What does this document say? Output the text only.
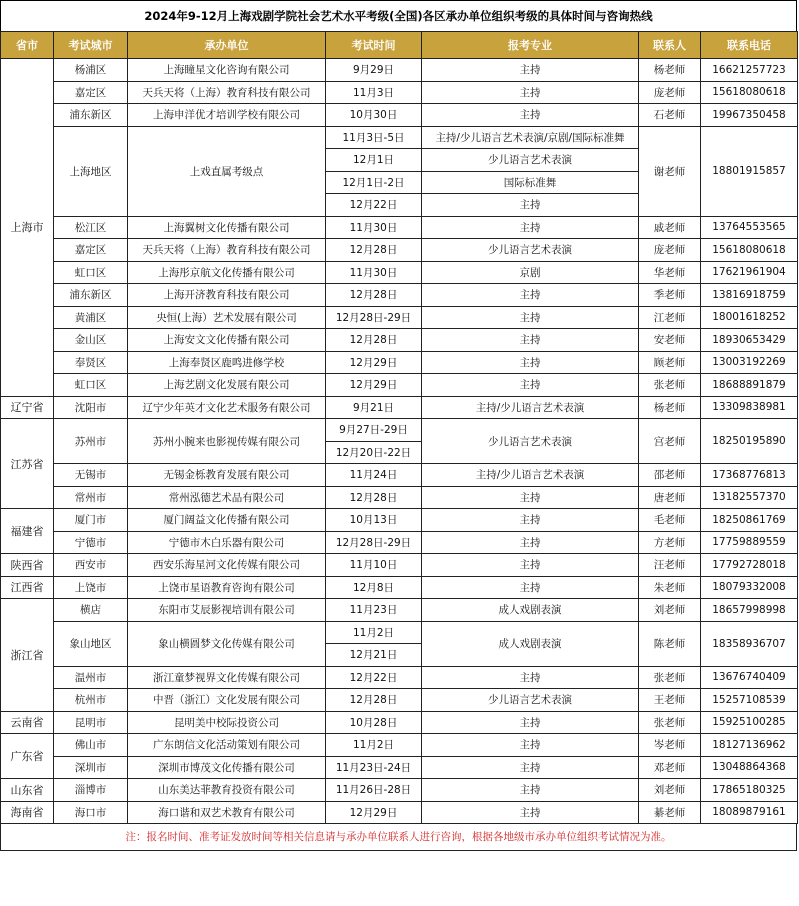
2024年9-12月上海戏剧学院社会艺术水平考级(全国)各区承办单位组织考级的具体时间与咨询热线
省市	考试城市	承办单位	考试时间	报考专业	联系人	联系电话
上海市	杨浦区	上海瞳星文化咨询有限公司	9月29日	主持	杨老师	16621257723
	嘉定区	天兵天将（上海）教育科技有限公司	11月3日	主持	庞老师	15618080618
	浦东新区	上海申洋优才培训学校有限公司	10月30日	主持	石老师	19967350458
	上海地区	上戏直属考级点	11月3日-5日	主持/少儿语言艺术表演/京剧/国际标准舞	谢老师	18801915857
			12月1日	少儿语言艺术表演		
			12月1日-2日	国际标准舞		
			12月22日	主持		
	松江区	上海翼树文化传播有限公司	11月30日	主持	戚老师	13764553565
	嘉定区	天兵天将（上海）教育科技有限公司	12月28日	少儿语言艺术表演	庞老师	15618080618
	虹口区	上海彤京航文化传播有限公司	11月30日	京剧	华老师	17621961904
	浦东新区	上海开济教育科技有限公司	12月28日	主持	季老师	13816918759
	黄浦区	央恒(上海）艺术发展有限公司	12月28日-29日	主持	江老师	18001618252
	金山区	上海安文文化传播有限公司	12月28日	主持	安老师	18930653429
	奉贤区	上海奉贤区鹿鸣进修学校	12月29日	主持	顾老师	13003192269
	虹口区	上海艺剧文化发展有限公司	12月29日	主持	张老师	18688891879
辽宁省	沈阳市	辽宁少年英才文化艺术服务有限公司	9月21日	主持/少儿语言艺术表演	杨老师	13309838981
江苏省	苏州市	苏州小腕来也影视传媒有限公司	9月27日-29日	少儿语言艺术表演	宫老师	18250195890
			12月20日-22日			
	无锡市	无锡金栎教育发展有限公司	11月24日	主持/少儿语言艺术表演	邵老师	17368776813
	常州市	常州泓德艺术品有限公司	12月28日	主持	唐老师	13182557370
福建省	厦门市	厦门阔益文化传播有限公司	10月13日	主持	毛老师	18250861769
	宁德市	宁德市木白乐器有限公司	12月28日-29日	主持	方老师	17759889559
陕西省	西安市	西安乐海星河文化传媒有限公司	11月10日	主持	汪老师	17792728018
江西省	上饶市	上饶市星语教育咨询有限公司	12月8日	主持	朱老师	18079332008
浙江省	横店	东阳市艾辰影视培训有限公司	11月23日	成人戏剧表演	刘老师	18657998998
	象山地区	象山横圆梦文化传媒有限公司	11月2日	成人戏剧表演	陈老师	18358936707
			12月21日			
	温州市	浙江童梦视界文化传媒有限公司	12月22日	主持	张老师	13676740409
	杭州市	中晋（浙江）文化发展有限公司	12月28日	少儿语言艺术表演	王老师	15257108539
云南省	昆明市	昆明美中校际投资公司	10月28日	主持	张老师	15925100285
广东省	佛山市	广东朗信文化活动策划有限公司	11月2日	主持	岑老师	18127136962
	深圳市	深圳市博茂文化传播有限公司	11月23日-24日	主持	邓老师	13048864368
山东省	淄博市	山东美达菲教育投资有限公司	11月26日-28日	主持	刘老师	17865180325
海南省	海口市	海口谐和双艺术教育有限公司	12月29日	主持	綦老师	18089879161
注：报名时间、准考证发放时间等相关信息请与承办单位联系人进行咨询，根据各地级市承办单位组织考试情况为准。
